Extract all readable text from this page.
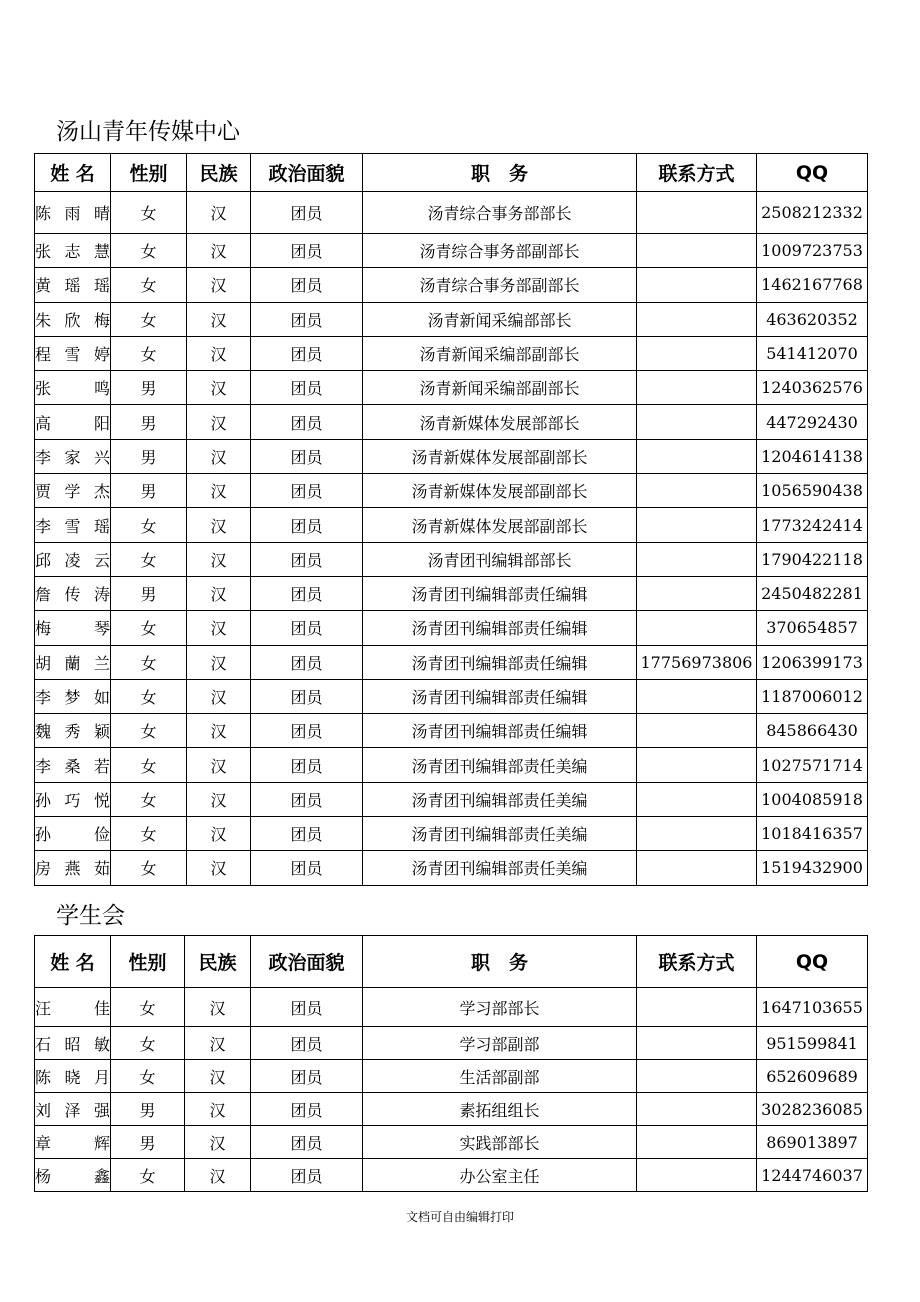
汤山青年传媒中心
姓 名	性别	民族	政治面貌	职　务	联系方式	QQ
陈雨晴	女	汉	团员	汤青综合事务部部长		2508212332
张志慧	女	汉	团员	汤青综合事务部副部长		1009723753
黄瑶瑶	女	汉	团员	汤青综合事务部副部长		1462167768
朱欣梅	女	汉	团员	汤青新闻采编部部长		463620352
程雪婷	女	汉	团员	汤青新闻采编部副部长		541412070
张 鸣	男	汉	团员	汤青新闻采编部副部长		1240362576
高 阳	男	汉	团员	汤青新媒体发展部部长		447292430
李家兴	男	汉	团员	汤青新媒体发展部副部长		1204614138
贾学杰	男	汉	团员	汤青新媒体发展部副部长		1056590438
李雪瑶	女	汉	团员	汤青新媒体发展部副部长		1773242414
邱凌云	女	汉	团员	汤青团刊编辑部部长		1790422118
詹传涛	男	汉	团员	汤青团刊编辑部责任编辑		2450482281
梅 琴	女	汉	团员	汤青团刊编辑部责任编辑		370654857
胡蘭兰	女	汉	团员	汤青团刊编辑部责任编辑	17756973806	1206399173
李梦如	女	汉	团员	汤青团刊编辑部责任编辑		1187006012
魏秀颖	女	汉	团员	汤青团刊编辑部责任编辑		845866430
李桑若	女	汉	团员	汤青团刊编辑部责任美编		1027571714
孙巧悦	女	汉	团员	汤青团刊编辑部责任美编		1004085918
孙 俭	女	汉	团员	汤青团刊编辑部责任美编		1018416357
房燕茹	女	汉	团员	汤青团刊编辑部责任美编		1519432900
学生会
姓 名	性别	民族	政治面貌	职　务	联系方式	QQ
汪 佳	女	汉	团员	学习部部长		1647103655
石昭敏	女	汉	团员	学习部副部		951599841
陈晓月	女	汉	团员	生活部副部		652609689
刘泽强	男	汉	团员	素拓组组长		3028236085
章 辉	男	汉	团员	实践部部长		869013897
杨 鑫	女	汉	团员	办公室主任		1244746037
文档可自由编辑打印
